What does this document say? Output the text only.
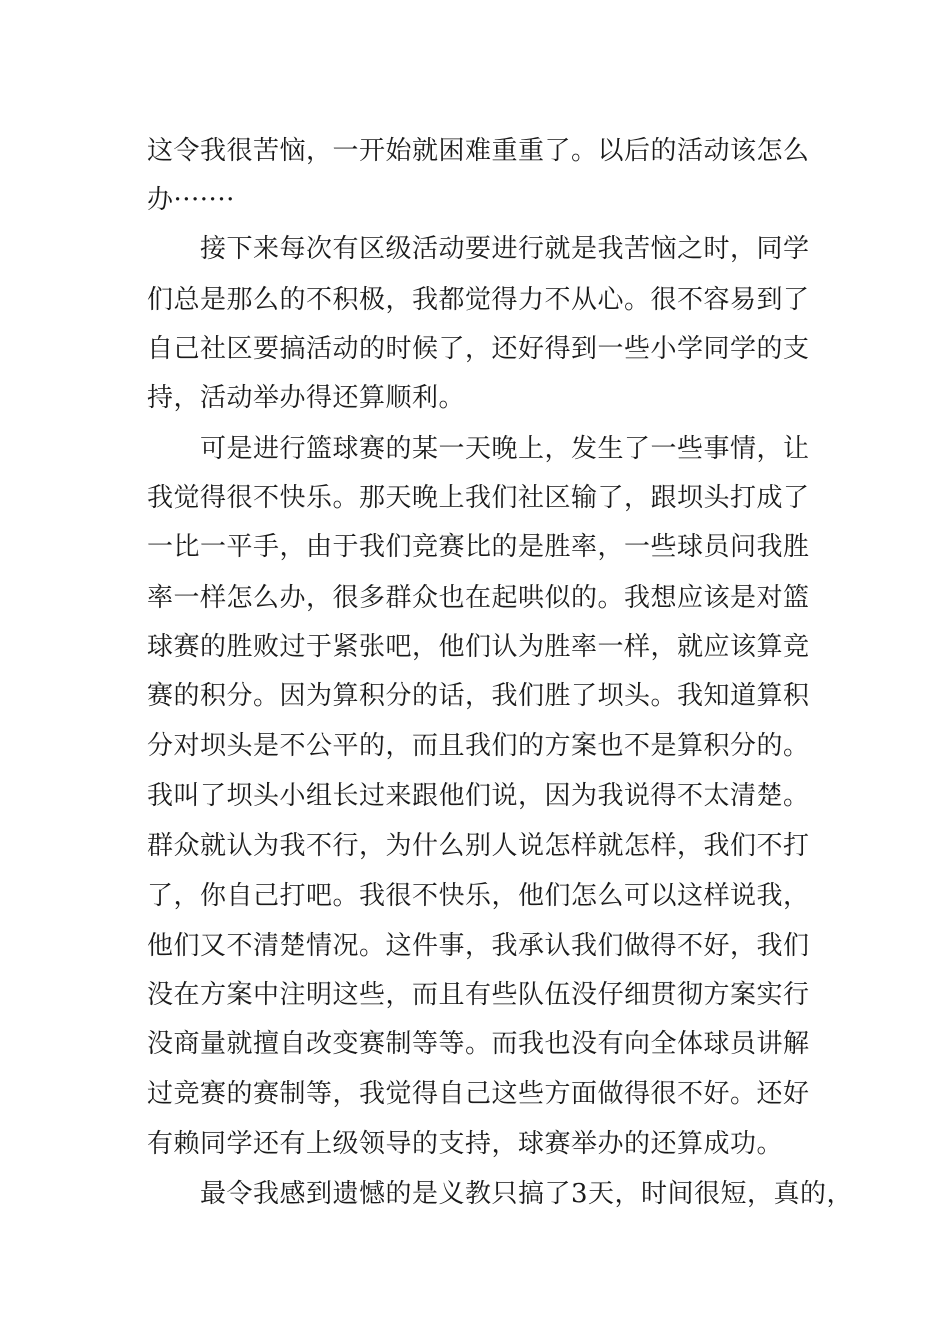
这令我很苦恼，一开始就困难重重了。以后的活动该怎么
办·······
接下来每次有区级活动要进行就是我苦恼之时，同学
们总是那么的不积极，我都觉得力不从心。很不容易到了
自己社区要搞活动的时候了，还好得到一些小学同学的支
持，活动举办得还算顺利。
可是进行篮球赛的某一天晚上，发生了一些事情，让
我觉得很不快乐。那天晚上我们社区输了，跟坝头打成了
一比一平手，由于我们竞赛比的是胜率，一些球员问我胜
率一样怎么办，很多群众也在起哄似的。我想应该是对篮
球赛的胜败过于紧张吧，他们认为胜率一样，就应该算竞
赛的积分。因为算积分的话，我们胜了坝头。我知道算积
分对坝头是不公平的，而且我们的方案也不是算积分的。
我叫了坝头小组长过来跟他们说，因为我说得不太清楚。
群众就认为我不行，为什么别人说怎样就怎样，我们不打
了，你自己打吧。我很不快乐，他们怎么可以这样说我，
他们又不清楚情况。这件事，我承认我们做得不好，我们
没在方案中注明这些，而且有些队伍没仔细贯彻方案实行
没商量就擅自改变赛制等等。而我也没有向全体球员讲解
过竞赛的赛制等，我觉得自己这些方面做得很不好。还好
有赖同学还有上级领导的支持，球赛举办的还算成功。
最令我感到遗憾的是义教只搞了3天，时间很短，真的，
